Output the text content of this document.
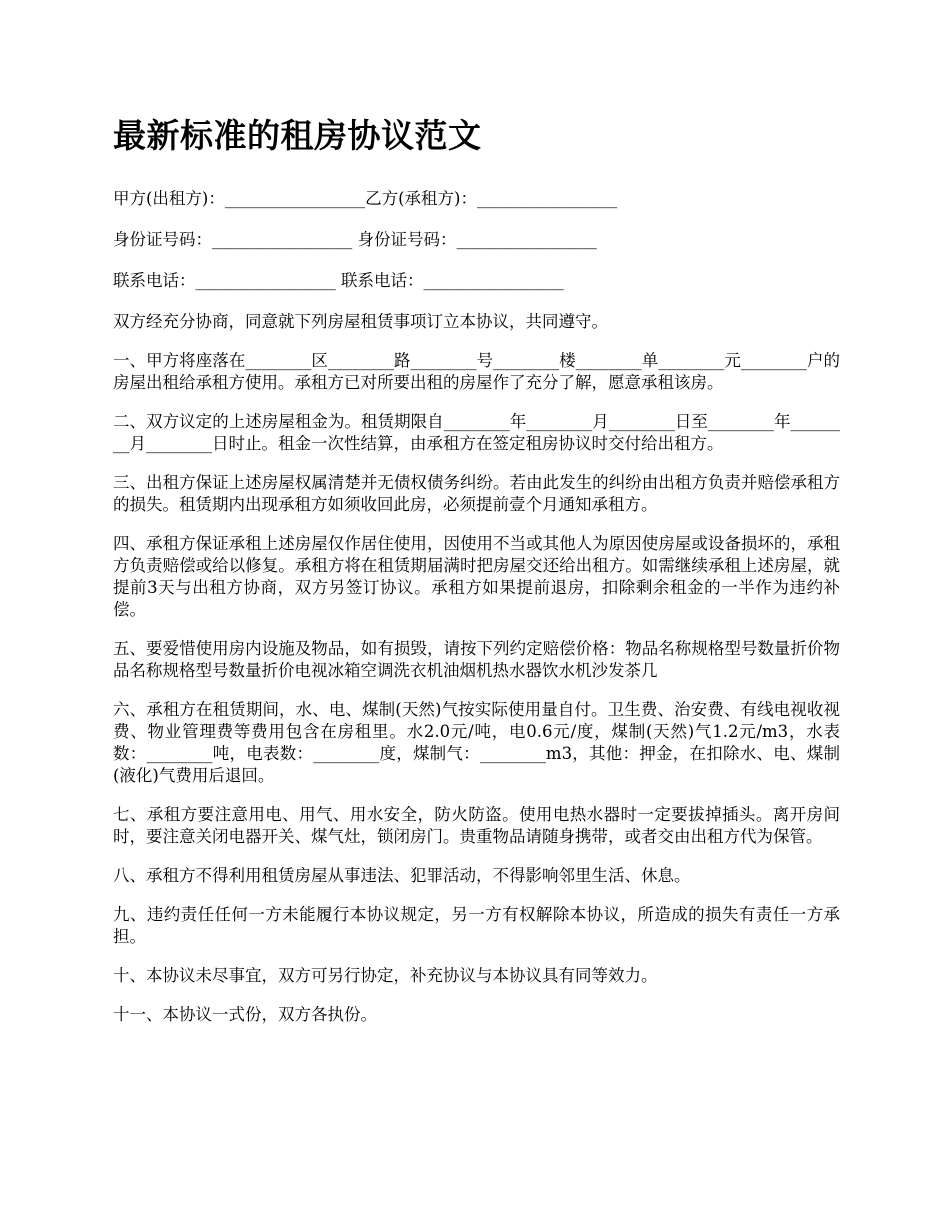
最新标准的租房协议范文

甲方(出租方)：_________________乙方(承租方)：_________________

身份证号码：_________________ 身份证号码：_________________

联系电话：_________________ 联系电话：_________________

双方经充分协商，同意就下列房屋租赁事项订立本协议，共同遵守。

一、甲方将座落在________区________路________号________楼________单________元________户的房屋出租给承租方使用。承租方已对所要出租的房屋作了充分了解，愿意承租该房。

二、双方议定的上述房屋租金为。租赁期限自________年________月________日至________年________月________日时止。租金一次性结算，由承租方在签定租房协议时交付给出租方。

三、出租方保证上述房屋权属清楚并无债权债务纠纷。若由此发生的纠纷由出租方负责并赔偿承租方的损失。租赁期内出现承租方如须收回此房，必须提前壹个月通知承租方。

四、承租方保证承租上述房屋仅作居住使用，因使用不当或其他人为原因使房屋或设备损坏的，承租方负责赔偿或给以修复。承租方将在租赁期届满时把房屋交还给出租方。如需继续承租上述房屋，就提前3天与出租方协商，双方另签订协议。承租方如果提前退房，扣除剩余租金的一半作为违约补偿。

五、要爱惜使用房内设施及物品，如有损毁，请按下列约定赔偿价格：物品名称规格型号数量折价物品名称规格型号数量折价电视冰箱空调洗衣机油烟机热水器饮水机沙发茶几

六、承租方在租赁期间，水、电、煤制(天然)气按实际使用量自付。卫生费、治安费、有线电视收视费、物业管理费等费用包含在房租里。水2.0元/吨，电0.6元/度，煤制(天然)气1.2元/m3，水表数：________吨，电表数：________度，煤制气：________m3，其他：押金，在扣除水、电、煤制(液化)气费用后退回。

七、承租方要注意用电、用气、用水安全，防火防盗。使用电热水器时一定要拔掉插头。离开房间时，要注意关闭电器开关、煤气灶，锁闭房门。贵重物品请随身携带，或者交由出租方代为保管。

八、承租方不得利用租赁房屋从事违法、犯罪活动，不得影响邻里生活、休息。

九、违约责任任何一方未能履行本协议规定，另一方有权解除本协议，所造成的损失有责任一方承担。

十、本协议未尽事宜，双方可另行协定，补充协议与本协议具有同等效力。

十一、本协议一式份，双方各执份。
